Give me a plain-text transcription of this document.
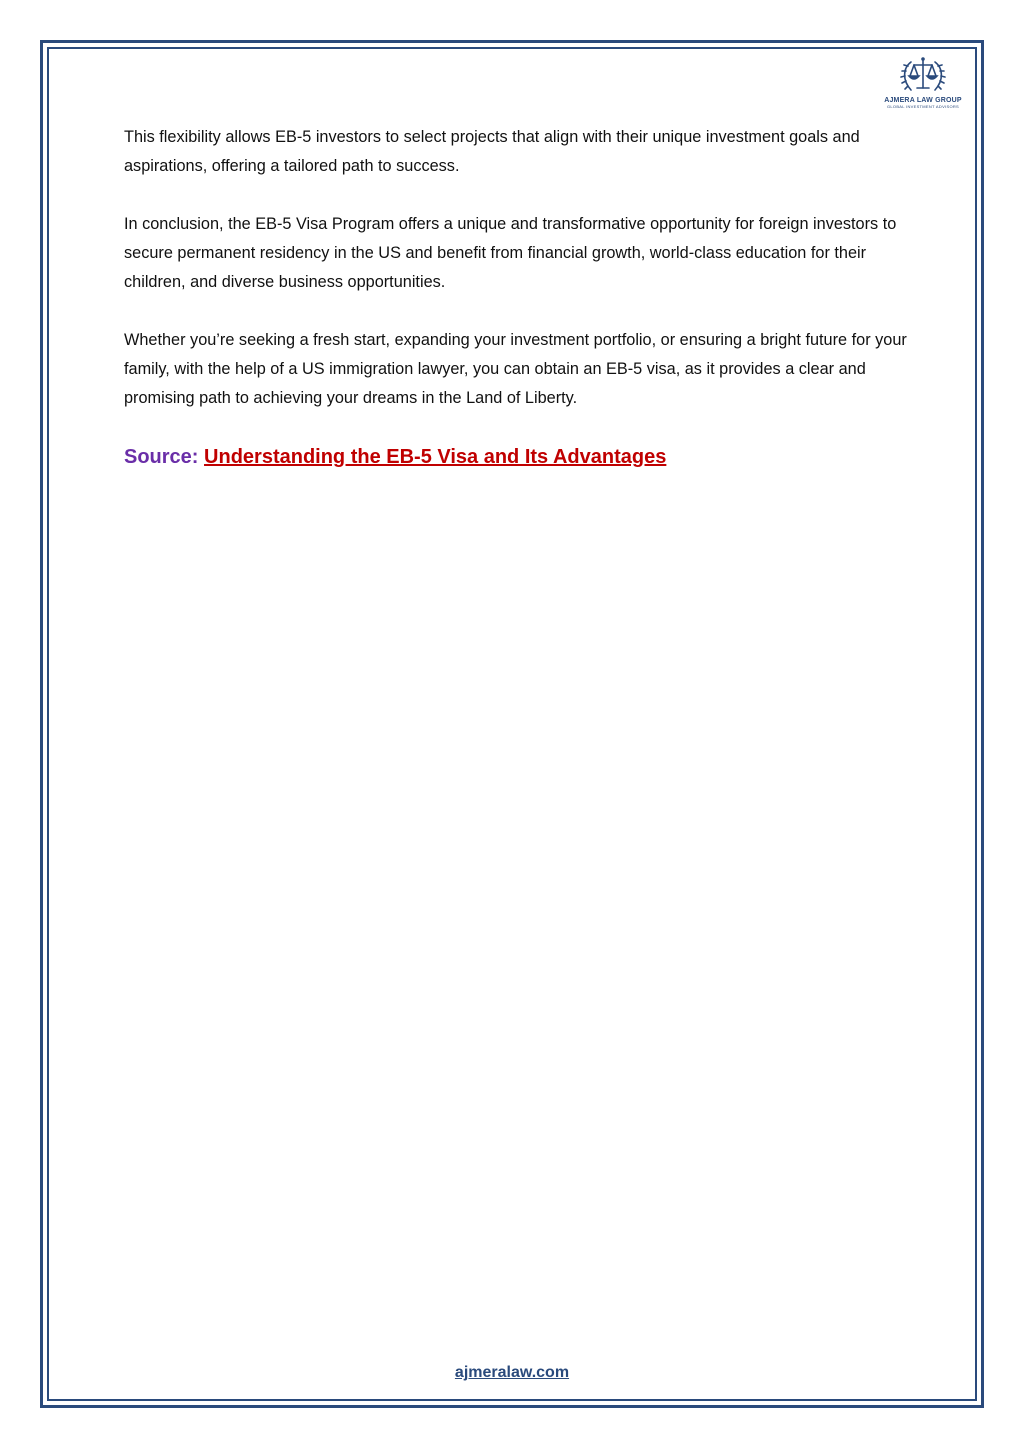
AJMERA LAW GROUP
GLOBAL INVESTMENT ADVISORS

This flexibility allows EB-5 investors to select projects that align with their unique investment goals and aspirations, offering a tailored path to success.

In conclusion, the EB-5 Visa Program offers a unique and transformative opportunity for foreign investors to secure permanent residency in the US and benefit from financial growth, world-class education for their children, and diverse business opportunities.

Whether you’re seeking a fresh start, expanding your investment portfolio, or ensuring a bright future for your family, with the help of a US immigration lawyer, you can obtain an EB-5 visa, as it provides a clear and promising path to achieving your dreams in the Land of Liberty.

Source: Understanding the EB-5 Visa and Its Advantages
ajmeralaw.com
